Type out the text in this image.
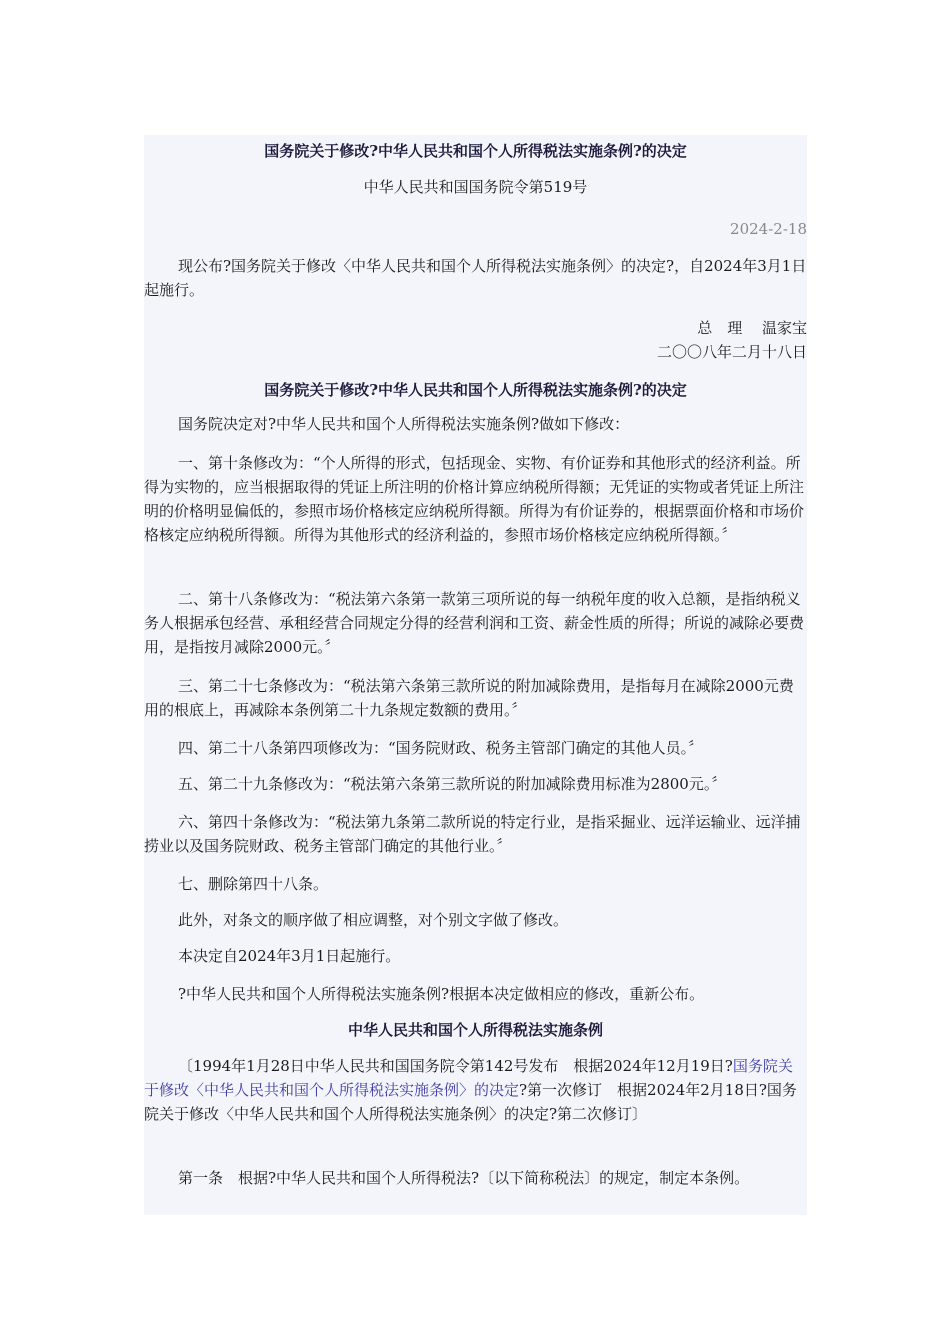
国务院关于修改?中华人民共和国个人所得税法实施条例?的决定

中华人民共和国国务院令第519号

2024-2-18

现公布?国务院关于修改〈中华人民共和国个人所得税法实施条例〉的决定?，自2024年3月1日起施行。

总　理　 温家宝

二〇〇八年二月十八日

国务院关于修改?中华人民共和国个人所得税法实施条例?的决定

国务院决定对?中华人民共和国个人所得税法实施条例?做如下修改：

一、第十条修改为：“个人所得的形式，包括现金、实物、有价证券和其他形式的经济利益。所得为实物的，应当根据取得的凭证上所注明的价格计算应纳税所得额；无凭证的实物或者凭证上所注明的价格明显偏低的，参照市场价格核定应纳税所得额。所得为有价证券的，根据票面价格和市场价格核定应纳税所得额。所得为其他形式的经济利益的，参照市场价格核定应纳税所得额。〞

二、第十八条修改为：“税法第六条第一款第三项所说的每一纳税年度的收入总额，是指纳税义务人根据承包经营、承租经营合同规定分得的经营利润和工资、薪金性质的所得；所说的减除必要费用，是指按月减除2000元。〞

三、第二十七条修改为：“税法第六条第三款所说的附加减除费用，是指每月在减除2000元费用的根底上，再减除本条例第二十九条规定数额的费用。〞

四、第二十八条第四项修改为：“国务院财政、税务主管部门确定的其他人员。〞

五、第二十九条修改为：“税法第六条第三款所说的附加减除费用标准为2800元。〞

六、第四十条修改为：“税法第九条第二款所说的特定行业，是指采掘业、远洋运输业、远洋捕捞业以及国务院财政、税务主管部门确定的其他行业。〞

七、删除第四十八条。

此外，对条文的顺序做了相应调整，对个别文字做了修改。

本决定自2024年3月1日起施行。

?中华人民共和国个人所得税法实施条例?根据本决定做相应的修改，重新公布。

中华人民共和国个人所得税法实施条例

〔1994年1月28日中华人民共和国国务院令第142号发布　根据2024年12月19日?国务院关于修改〈中华人民共和国个人所得税法实施条例〉的决定?第一次修订　根据2024年2月18日?国务院关于修改〈中华人民共和国个人所得税法实施条例〉的决定?第二次修订〕

第一条　根据?中华人民共和国个人所得税法?〔以下简称税法〕的规定，制定本条例。
